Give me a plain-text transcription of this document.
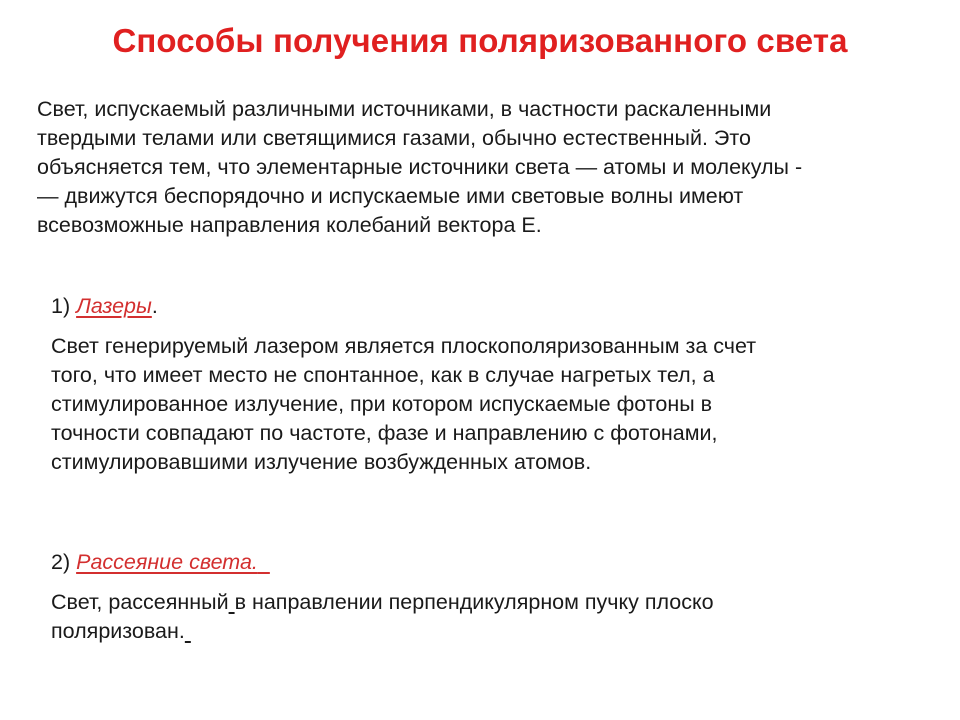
Способы получения поляризованного света
Свет, испускаемый различными источниками, в частности раскаленными
твердыми телами или светящимися газами, обычно естественный. Это
объясняется тем, что элементарные источники света — атомы и молекулы -
— движутся беспорядочно и испускаемые ими световые волны имеют
всевозможные направления колебаний вектора Е.
1) Лазеры.
Свет генерируемый лазером является плоскополяризованным за счет
того, что имеет место не спонтанное, как в случае нагретых тел, а
стимулированное излучение, при котором испускаемые фотоны в
точности совпадают по частоте, фазе и направлению с фотонами,
стимулировавшими излучение возбужденных атомов.
2) Рассеяние света.
Свет, рассеянный в направлении перпендикулярном пучку плоско
поляризован.
